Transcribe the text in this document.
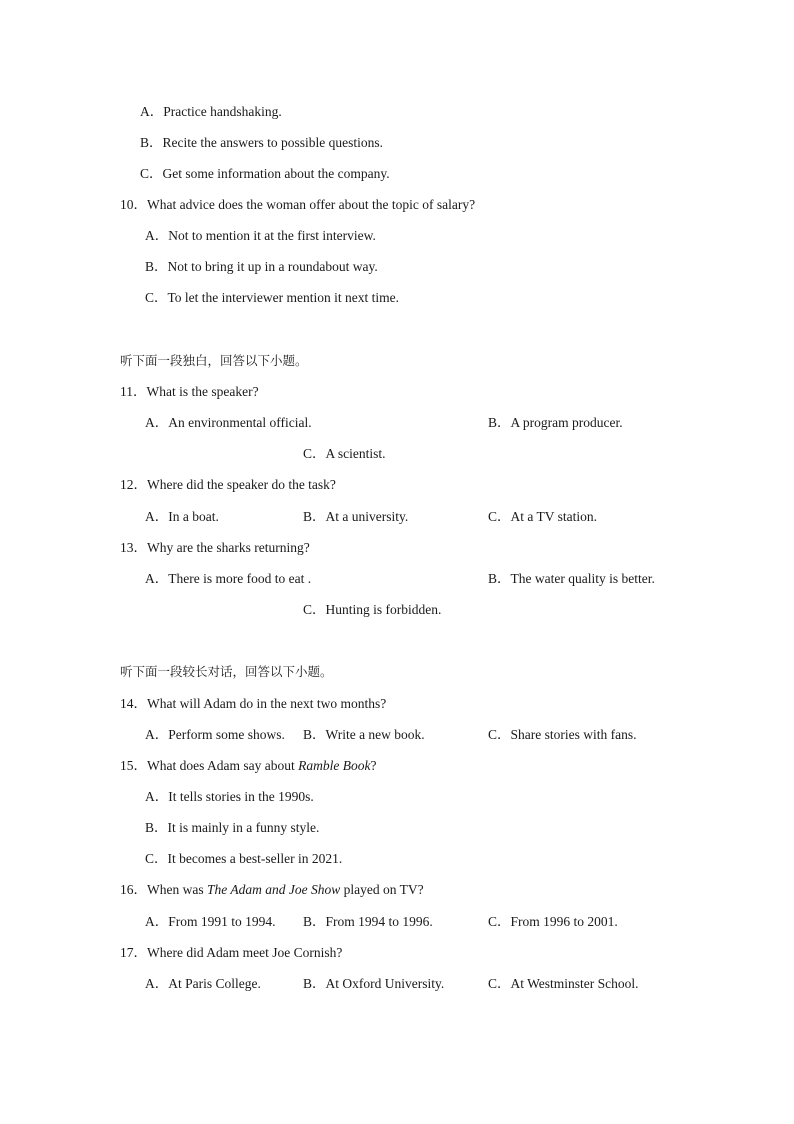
A．Practice handshaking.
B．Recite the answers to possible questions.
C．Get some information about the company.
10．What advice does the woman offer about the topic of salary?
A．Not to mention it at the first interview.
B．Not to bring it up in a roundabout way.
C．To let the interviewer mention it next time.
听下面一段独白，回答以下小题。
11．What is the speaker?
A．An environmental official.	B．A program producer.
C．A scientist.
12．Where did the speaker do the task?
A．In a boat.	B．At a university.	C．At a TV station.
13．Why are the sharks returning?
A．There is more food to eat .	B．The water quality is better.
C．Hunting is forbidden.
听下面一段较长对话，回答以下小题。
14．What will Adam do in the next two months?
A．Perform some shows. B．Write a new book.	C．Share stories with fans.
15．What does Adam say about Ramble Book?
A．It tells stories in the 1990s.
B．It is mainly in a funny style.
C．It becomes a best-seller in 2021.
16．When was The Adam and Joe Show played on TV?
A．From 1991 to 1994. B．From 1994 to 1996.	C．From 1996 to 2001.
17．Where did Adam meet Joe Cornish?
A．At Paris College.	B．At Oxford University.	C．At Westminster School.
